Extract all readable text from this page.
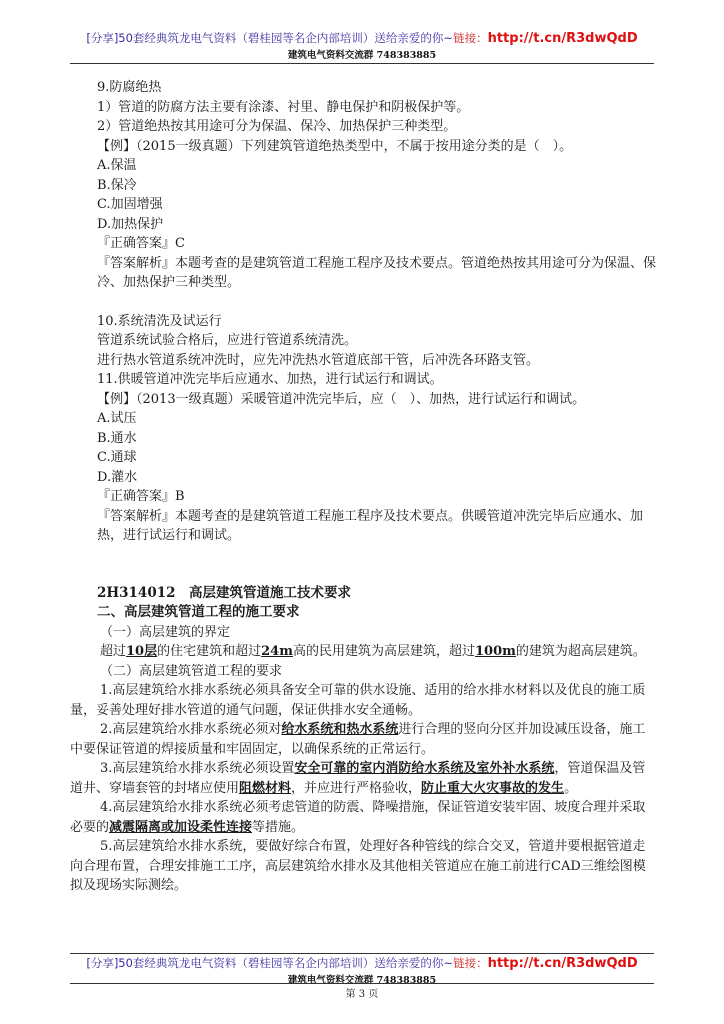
[分享]50套经典筑龙电气资料（碧桂园等名企内部培训）送给亲爱的你~链接：http://t.cn/R3dwQdD
建筑电气资料交流群 748383885

9.防腐绝热

1）管道的防腐方法主要有涂漆、衬里、静电保护和阴极保护等。

2）管道绝热按其用途可分为保温、保冷、加热保护三种类型。

【例】（2015一级真题）下列建筑管道绝热类型中，不属于按用途分类的是（　）。

A.保温

B.保冷

C.加固增强

D.加热保护

『正确答案』C

『答案解析』本题考查的是建筑管道工程施工程序及技术要点。管道绝热按其用途可分为保温、保冷、加热保护三种类型。

10.系统清洗及试运行

管道系统试验合格后，应进行管道系统清洗。

进行热水管道系统冲洗时，应先冲洗热水管道底部干管，后冲洗各环路支管。

11.供暖管道冲洗完毕后应通水、加热，进行试运行和调试。

【例】（2013一级真题）采暖管道冲洗完毕后，应（　）、加热，进行试运行和调试。

A.试压

B.通水

C.通球

D.灌水

『正确答案』B

『答案解析』本题考查的是建筑管道工程施工程序及技术要点。供暖管道冲洗完毕后应通水、加热，进行试运行和调试。

2H314012　高层建筑管道施工技术要求

二、高层建筑管道工程的施工要求

（一）高层建筑的界定

超过10层的住宅建筑和超过24m高的民用建筑为高层建筑，超过100m的建筑为超高层建筑。

（二）高层建筑管道工程的要求

1.高层建筑给水排水系统必须具备安全可靠的供水设施、适用的给水排水材料以及优良的施工质量，妥善处理好排水管道的通气问题，保证供排水安全通畅。

2.高层建筑给水排水系统必须对给水系统和热水系统进行合理的竖向分区并加设减压设备，施工中要保证管道的焊接质量和牢固固定，以确保系统的正常运行。

3.高层建筑给水排水系统必须设置安全可靠的室内消防给水系统及室外补水系统，管道保温及管道井、穿墙套管的封堵应使用阻燃材料，并应进行严格验收，防止重大火灾事故的发生。

4.高层建筑给水排水系统必须考虑管道的防震、降噪措施，保证管道安装牢固、坡度合理并采取必要的减震隔离或加设柔性连接等措施。

5.高层建筑给水排水系统，要做好综合布置，处理好各种管线的综合交叉，管道井要根据管道走向合理布置，合理安排施工工序，高层建筑给水排水及其他相关管道应在施工前进行CAD三维绘图模拟及现场实际测绘。

[分享]50套经典筑龙电气资料（碧桂园等名企内部培训）送给亲爱的你~链接：http://t.cn/R3dwQdD
建筑电气资料交流群 748383885
第 3 页
